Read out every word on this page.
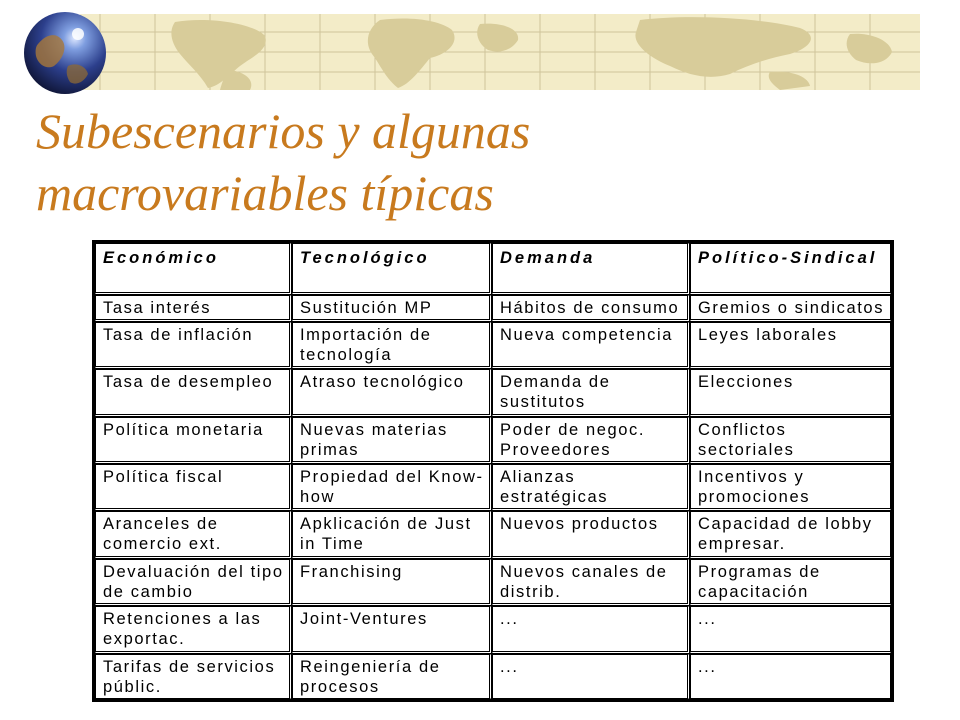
Subescenarios y algunas
macrovariables típicas
Económico	Tecnológico	Demanda	Político-Sindical
Tasa interés	Sustitución MP	Hábitos de consumo	Gremios o sindicatos
Tasa de inflación	Importación de tecnología	Nueva competencia	Leyes laborales
Tasa de desempleo	Atraso tecnológico	Demanda de sustitutos	Elecciones
Política monetaria	Nuevas materias primas	Poder de negoc. Proveedores	Conflictos sectoriales
Política fiscal	Propiedad del Know-how	Alianzas estratégicas	Incentivos y promociones
Aranceles de comercio ext.	Apklicación de Just in Time	Nuevos productos	Capacidad de lobby empresar.
Devaluación del tipo de cambio	Franchising	Nuevos canales de distrib.	Programas de capacitación
Retenciones a las exportac.	Joint-Ventures	...	...
Tarifas de servicios públic.	Reingeniería de procesos	...	...
